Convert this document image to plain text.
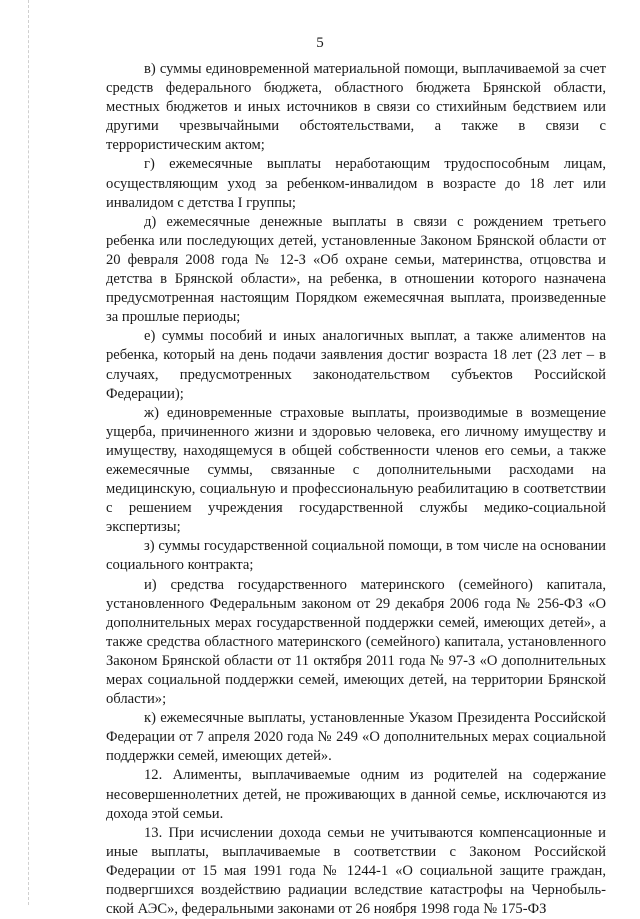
5

в) суммы единовременной материальной помощи, выплачиваемой за счет средств федерального бюджета, областного бюджета Брянской области, местных бюджетов и иных источников в связи со стихийным бедствием или другими чрезвычайными обстоятельствами, а также в связи с террористическим актом;

г) ежемесячные выплаты неработающим трудоспособным лицам, осуществляющим уход за ребенком-инвалидом в возрасте до 18 лет или инвалидом с детства I группы;

д) ежемесячные денежные выплаты в связи с рождением третьего ребенка или последующих детей, установленные Законом Брянской области от 20 февраля 2008 года № 12-З «Об охране семьи, материнства, отцовства и детства в Брянской области», на ребенка, в отношении которого назначена предусмотренная настоящим Порядком ежемесячная выплата, произведенные за прошлые периоды;

е) суммы пособий и иных аналогичных выплат, а также алиментов на ребенка, который на день подачи заявления достиг возраста 18 лет (23 лет – в случаях, предусмотренных законодательством субъектов Российской Федерации);

ж) единовременные страховые выплаты, производимые в возмещение ущерба, причиненного жизни и здоровью человека, его личному имуществу и имуществу, находящемуся в общей собственности членов его семьи, а также ежемесячные суммы, связанные с дополнительными расходами на медицинскую, социальную и профессиональную реабилитацию в соответствии с решением учреждения государственной службы медико-социальной экспертизы;

з) суммы государственной социальной помощи, в том числе на основании социального контракта;

и) средства государственного материнского (семейного) капитала, установленного Федеральным законом от 29 декабря 2006 года № 256-ФЗ «О дополнительных мерах государственной поддержки семей, имеющих детей», а также средства областного материнского (семейного) капитала, установленного Законом Брянской области от 11 октября 2011 года № 97-З «О дополнительных мерах социальной поддержки семей, имеющих детей, на территории Брянской области»;

к) ежемесячные выплаты, установленные Указом Президента Российской Федерации от 7 апреля 2020 года № 249 «О дополнительных мерах социальной поддержки семей, имеющих детей».

12. Алименты, выплачиваемые одним из родителей на содержание несовершеннолетних детей, не проживающих в данной семье, исключаются из дохода этой семьи.

13. При исчислении дохода семьи не учитываются компенсационные и иные выплаты, выплачиваемые в соответствии с Законом Российской Федерации от 15 мая 1991 года № 1244-1 «О социальной защите граждан, подвергшихся воздействию радиации вследствие катастрофы на Чернобыльской АЭС», федеральными законами от 26 ноября 1998 года № 175-ФЗ
